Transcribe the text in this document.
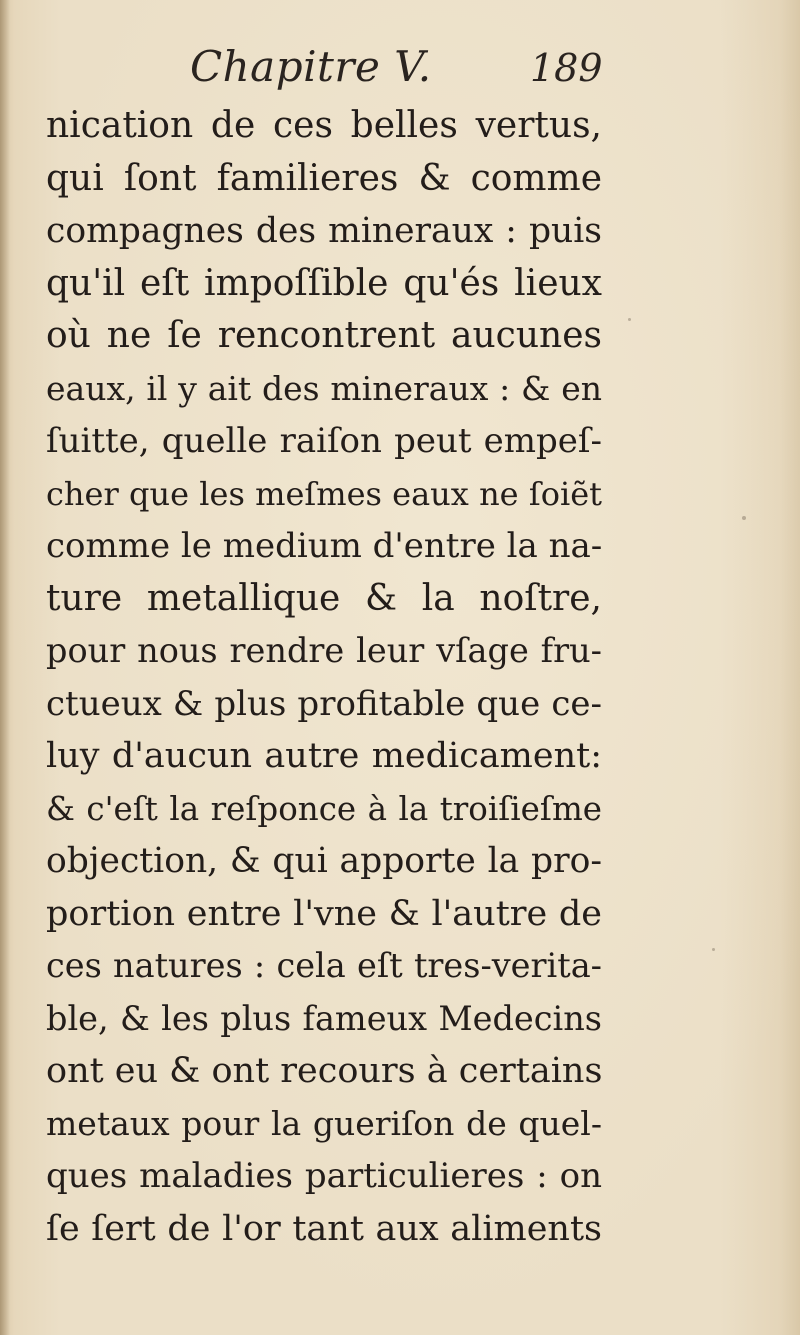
Chapitre V.	189
nication de ces belles vertus,
qui ſont familieres & comme
compagnes des mineraux : puis
qu'il eſt impoſſible qu'és lieux
où ne ſe rencontrent aucunes
eaux, il y ait des mineraux : & en
ſuitte, quelle raiſon peut empeſ-
cher que les meſmes eaux ne ſoiẽt
comme le medium d'entre la na-
ture metallique & la noſtre,
pour nous rendre leur vſage fru-
ctueux & plus profitable que ce-
luy d'aucun autre medicament:
& c'eſt la reſponce à la troiſieſme
objection, & qui apporte la pro-
portion entre l'vne & l'autre de
ces natures : cela eſt tres-verita-
ble, & les plus fameux Medecins
ont eu & ont recours à certains
metaux pour la gueriſon de quel-
ques maladies particulieres : on
ſe ſert de l'or tant aux aliments
